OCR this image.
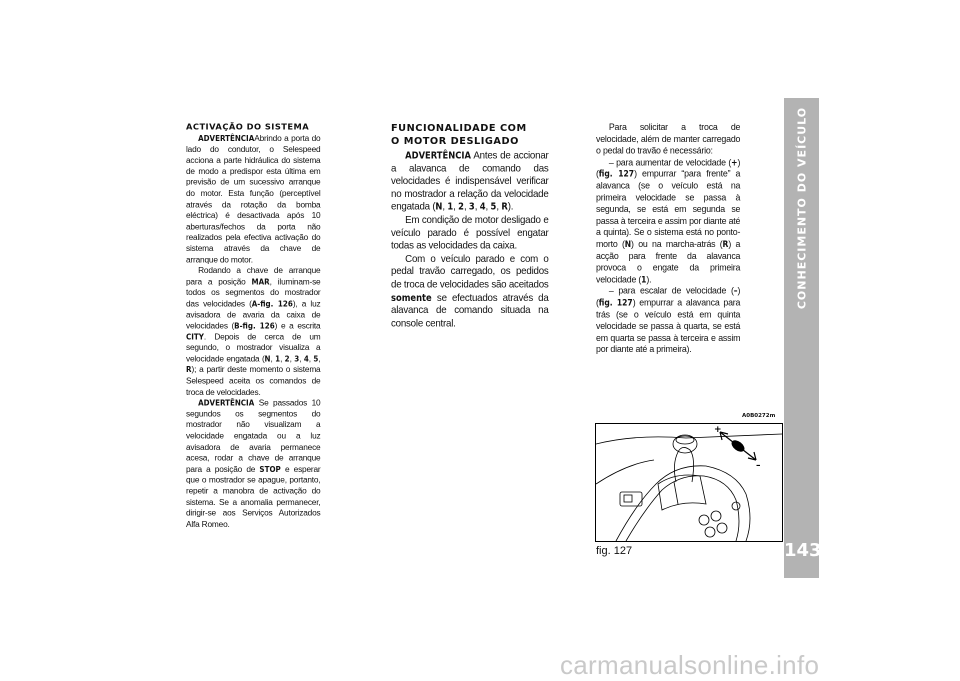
CONHECIMENTO DO VEÍCULO
143
ACTIVAÇÃO DO SISTEMA

ADVERTÊNCIAAbrindo a porta do lado do condutor, o Selespeed acciona a parte hidráulica do sistema de modo a predispor esta última em previsão de um sucessivo arranque do motor. Esta função (perceptível através da rotação da bomba eléctrica) é desactivada após 10 aberturas/fechos da porta não realizados pela efectiva activação do sistema através da chave de arranque do motor.

Rodando a chave de arranque para a posição MAR, iluminam-se todos os segmentos do mostrador das velocidades (A-fig. 126), a luz avisadora de avaria da caixa de velocidades (B-fig. 126) e a escrita CITY. Depois de cerca de um segundo, o mostrador visualiza a velocidade engatada (N, 1, 2, 3, 4, 5, R); a partir deste momento o sistema Selespeed aceita os comandos de troca de velocidades.

ADVERTÊNCIA Se passados 10 segundos os segmentos do mostrador não visualizam a velocidade engatada ou a luz avisadora de avaria permanece acesa, rodar a chave de arranque para a posição de STOP e esperar que o mostrador se apague, portanto, repetir a manobra de activação do sistema. Se a anomalia permanecer, dirigir-se aos Serviços Autorizados Alfa Romeo.

FUNCIONALIDADE COM
O MOTOR DESLIGADO

ADVERTÊNCIA Antes de accionar a alavanca de comando das velocidades é indispensável verificar no mostrador a relação da velocidade engatada (N, 1, 2, 3, 4, 5, R).

Em condição de motor desligado e veículo parado é possível engatar todas as velocidades da caixa.

Com o veículo parado e com o pedal travão carregado, os pedidos de troca de velocidades são aceitados somente se efectuados através da alavanca de comando situada na console central.

Para solicitar a troca de velocidade, além de manter carregado o pedal do travão é necessário:

– para aumentar de velocidade (+) (fig. 127) empurrar “para frente” a alavanca (se o veículo está na primeira velocidade se passa à segunda, se está em segunda se passa à terceira e assim por diante até a quinta). Se o sistema está no ponto-morto (N) ou na marcha-atrás (R) a acção para frente da alavanca provoca o engate da primeira velocidade (1).

– para escalar de velocidade (–) (fig. 127) empurrar a alavanca para trás (se o veículo está em quinta velocidade se passa à quarta, se está em quarta se passa à terceira e assim por diante até a primeira).

A0B0272m
+
–
fig. 127
carmanualsonline.info
